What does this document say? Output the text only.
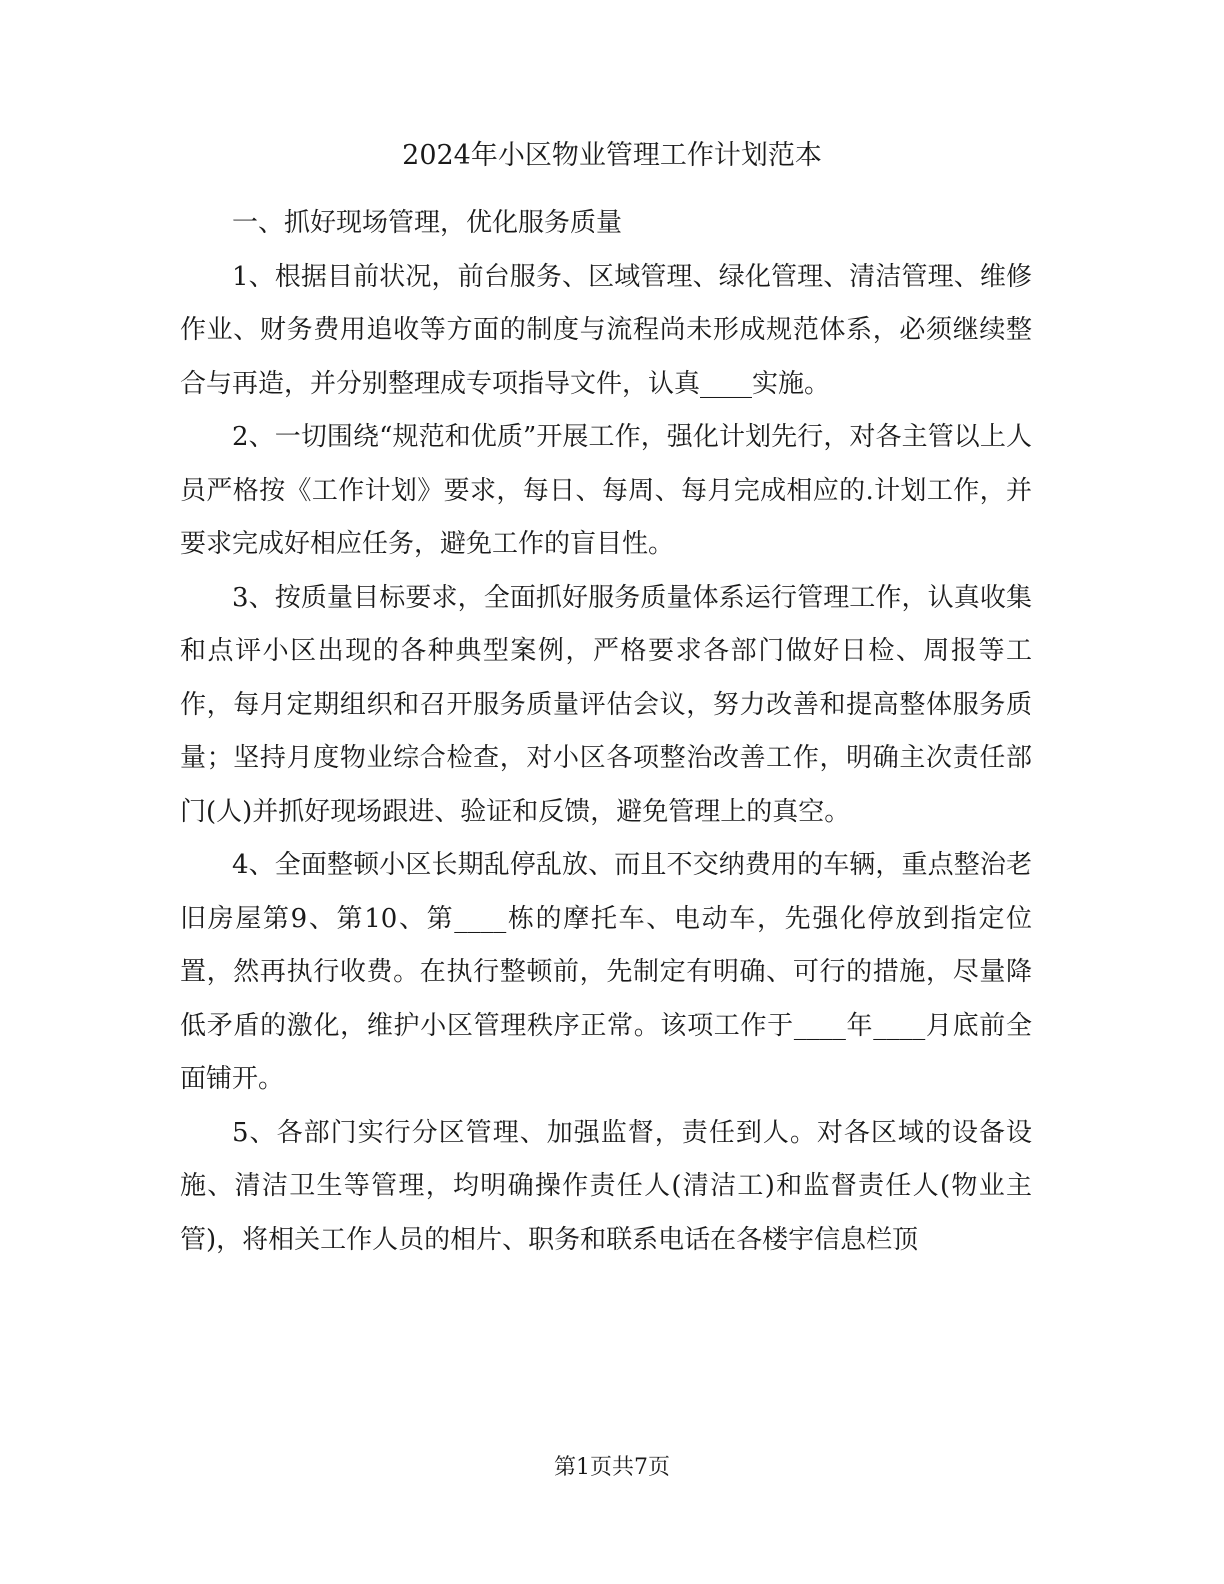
2024年小区物业管理工作计划范本

一、抓好现场管理，优化服务质量

1、根据目前状况，前台服务、区域管理、绿化管理、清洁管理、维修作业、财务费用追收等方面的制度与流程尚未形成规范体系，必须继续整合与再造，并分别整理成专项指导文件，认真____实施。

2、一切围绕“规范和优质”开展工作，强化计划先行，对各主管以上人员严格按《工作计划》要求，每日、每周、每月完成相应的.计划工作，并要求完成好相应任务，避免工作的盲目性。

3、按质量目标要求，全面抓好服务质量体系运行管理工作，认真收集和点评小区出现的各种典型案例，严格要求各部门做好日检、周报等工作，每月定期组织和召开服务质量评估会议，努力改善和提高整体服务质量；坚持月度物业综合检查，对小区各项整治改善工作，明确主次责任部门(人)并抓好现场跟进、验证和反馈，避免管理上的真空。

4、全面整顿小区长期乱停乱放、而且不交纳费用的车辆，重点整治老旧房屋第9、第10、第____栋的摩托车、电动车，先强化停放到指定位置，然再执行收费。在执行整顿前，先制定有明确、可行的措施，尽量降低矛盾的激化，维护小区管理秩序正常。该项工作于____年____月底前全面铺开。

5、各部门实行分区管理、加强监督，责任到人。对各区域的设备设施、清洁卫生等管理，均明确操作责任人(清洁工)和监督责任人(物业主管)，将相关工作人员的相片、职务和联系电话在各楼宇信息栏顶

第1页共7页
